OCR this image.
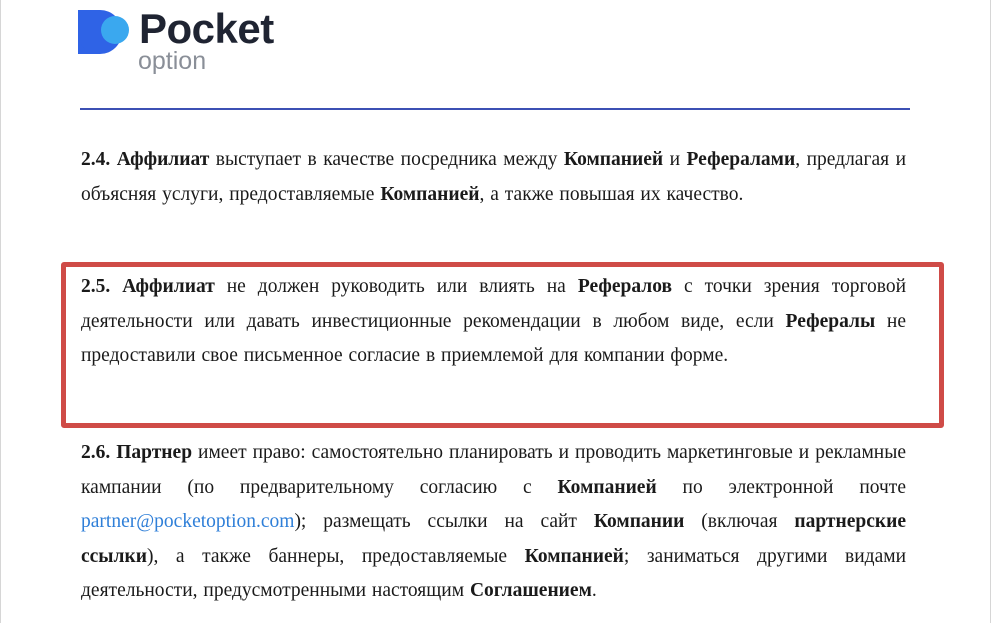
Pocket
option
2.4. Аффилиат выступает в качестве посредника между Компанией и Рефералами, предлагая и объясняя услуги, предоставляемые Компанией, а также повышая их качество.
2.5. Аффилиат не должен руководить или влиять на Рефералов с точки зрения торговой деятельности или давать инвестиционные рекомендации в любом виде, если Рефералы не предоставили свое письменное согласие в приемлемой для компании форме.
2.6. Партнер имеет право: самостоятельно планировать и проводить маркетинговые и рекламные кампании (по предварительному согласию с Компанией по электронной почте partner@pocketoption.com); размещать ссылки на сайт Компании (включая партнерские ссылки), а также баннеры, предоставляемые Компанией; заниматься другими видами деятельности, предусмотренными настоящим Соглашением.
